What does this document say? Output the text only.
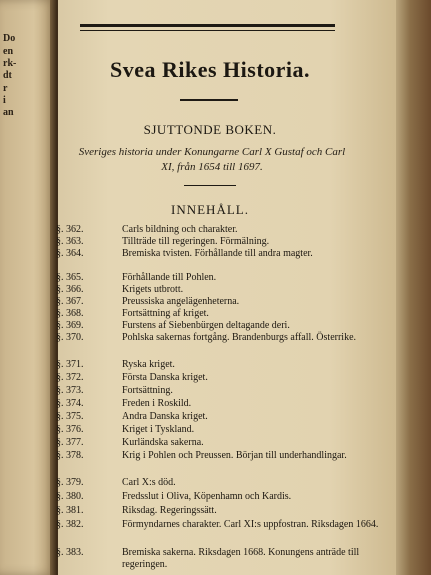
Do
en
rk-
dt
r
i
an
Svea Rikes Historia.
SJUTTONDE BOKEN.
Sveriges historia under Konungarne Carl X Gustaf och Carl XI, från 1654 till 1697.
INNEHÅLL.
§. 362.	Carls bildning och charakter.
§. 363.	Tillträde till regeringen. Förmälning.
§. 364.	Bremiska tvisten. Förhållande till andra magter.
§. 365.	Förhållande till Pohlen.
§. 366.	Krigets utbrott.
§. 367.	Preussiska angelägenheterna.
§. 368.	Fortsättning af kriget.
§. 369.	Furstens af Siebenbürgen deltagande deri.
§. 370.	Pohlska sakernas fortgång. Brandenburgs affall. Österrike.
§. 371.	Ryska kriget.
§. 372.	Första Danska kriget.
§. 373.	Fortsättning.
§. 374.	Freden i Roskild.
§. 375.	Andra Danska kriget.
§. 376.	Kriget i Tyskland.
§. 377.	Kurländska sakerna.
§. 378.	Krig i Pohlen och Preussen. Början till underhandlingar.
§. 379.	Carl X:s död.
§. 380.	Fredsslut i Oliva, Köpenhamn och Kardis.
§. 381.	Riksdag. Regeringssätt.
§. 382.	Förmyndarnes charakter. Carl XI:s uppfostran. Riksdagen 1664.
§. 383.	Bremiska sakerna. Riksdagen 1668. Konungens anträde till regeringen.
